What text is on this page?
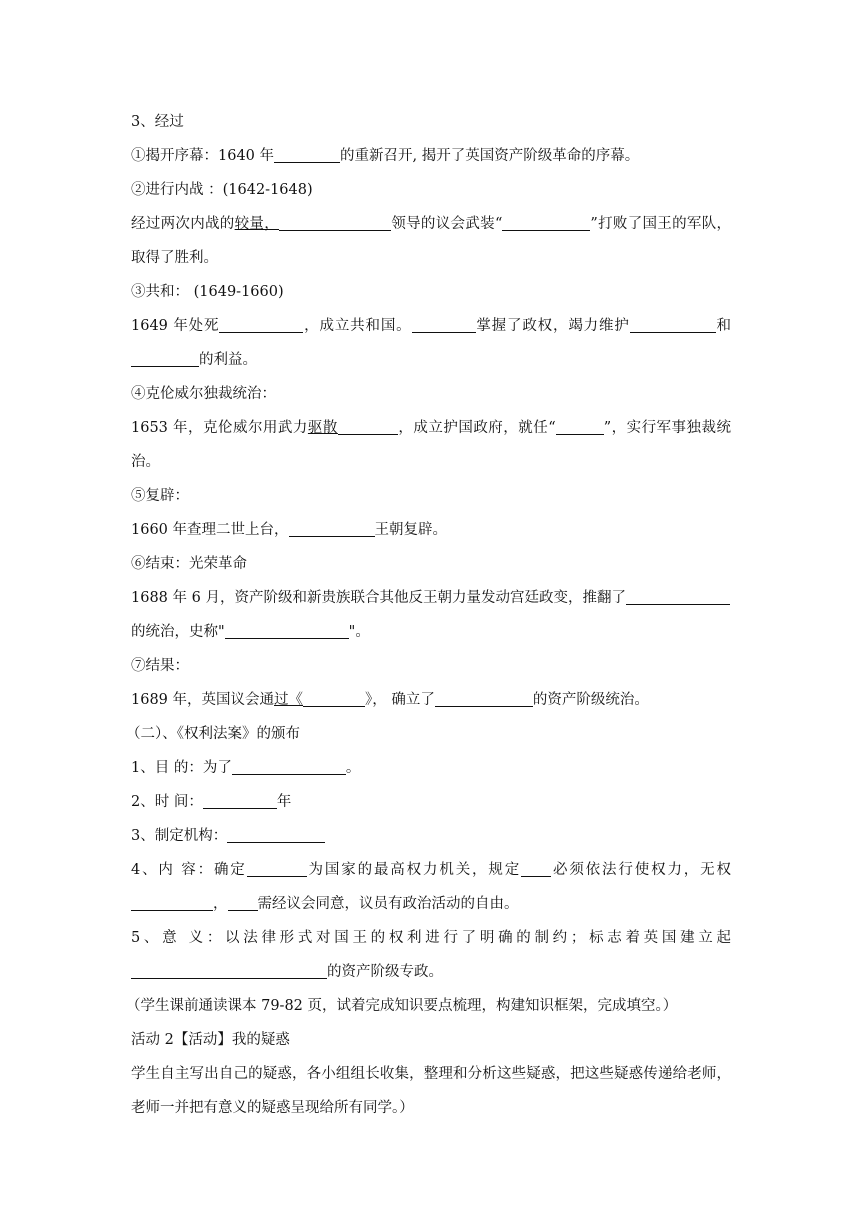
3、经过
①揭开序幕：1640 年	的重新召开, 揭开了英国资产阶级革命的序幕。
②进行内战 ：(1642-1648)
经过两次内战的较量，	领导的议会武装“	”打败了国王的军队，
取得了胜利。
③共和： (1649-1660)
1649 年处死	，成立共和国。	掌握了政权，竭力维护	和
的利益。
④克伦威尔独裁统治：
1653 年，克伦威尔用武力驱散	，成立护国政府，就任“	”，实行军事独裁统
治。
⑤复辟：
1660 年查理二世上台，	王朝复辟。
⑥结束：光荣革命
1688 年 6 月，资产阶级和新贵族联合其他反王朝力量发动宫廷政变，推翻了
的统治，史称"	"。
⑦结果：
1689 年，英国议会通过《	》， 确立了	的资产阶级统治。
（二）、《权利法案》的颁布
1、目 的：为了	。
2、时 间：	年
3、制定机构：
4、内 容：确定	为国家的最高权力机关，规定 必须依法行使权力，无权
， 需经议会同意，议员有政治活动的自由。
5、意 义：以法律形式对国王的权利进行了明确的制约；标志着英国建立起
的资产阶级专政。
（学生课前通读课本 79-82 页，试着完成知识要点梳理，构建知识框架，完成填空。）
活动 2【活动】我的疑惑
学生自主写出自己的疑惑，各小组组长收集，整理和分析这些疑惑，把这些疑惑传递给老师，
老师一并把有意义的疑惑呈现给所有同学。）
